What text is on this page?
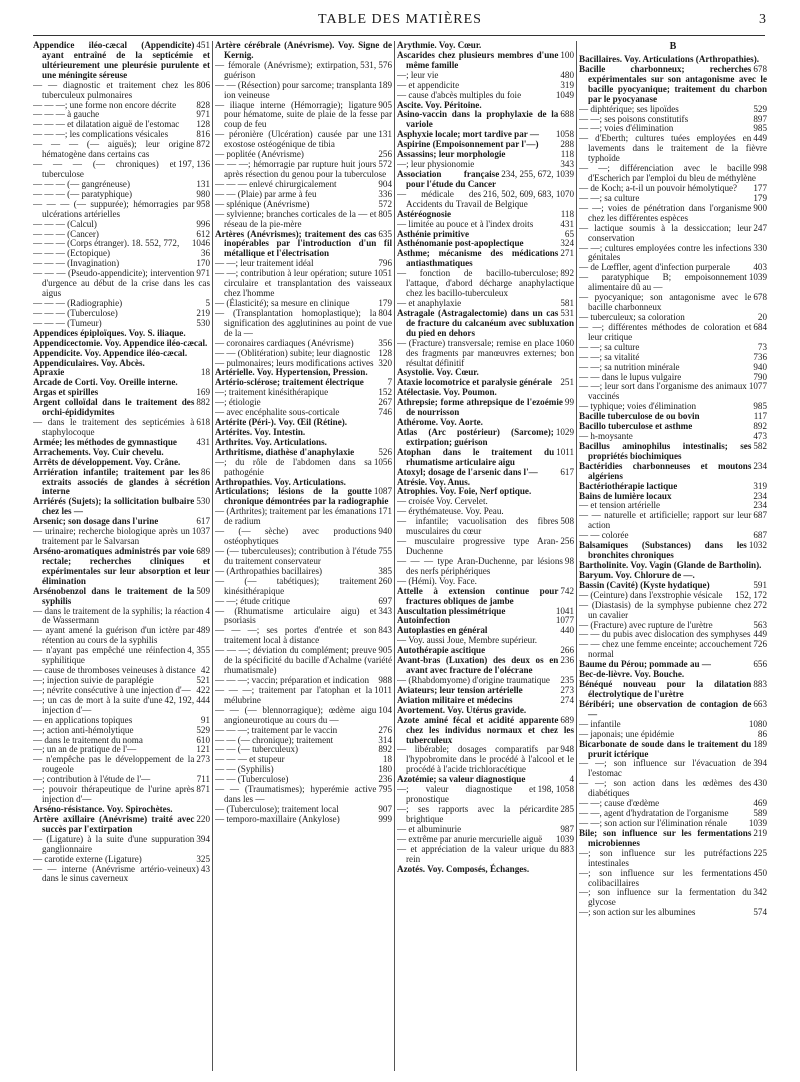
TABLE DES MATIÈRES	3

451
Appendice iléo-cæcal (Appendicite) ayant entraîné de la septicémie et ultérieurement une pleurésie purulente et une méningite séreuse

806
— — diagnostic et traitement chez les tuberculeux pulmonaires

828
— — —; une forme non encore décrite

971
— — — à gauche

128
— — — et dilatation aiguë de l'estomac

816
— — —; les complications vésicales

872
— — — (— aiguës); leur origine hématogène dans certains cas

197, 136
— — — (— chroniques) et tuberculose

131
— — — (— gangréneuse)

980
— — — (— paratyphique)

958
— — — (— suppurée); hémorragies par ulcérations artérielles

996
— — — (Calcul)

612
— — — (Cancer)

1046
— — — (Corps étranger). 18. 552, 772,

36
— — — (Ectopique)

170
— — — (Invagination)

971
— — — (Pseudo-appendicite); intervention d'urgence au début de la crise dans les cas aigus

5
— — — (Radiographie)

219
— — — (Tuberculose)

530
— — — (Tumeur)

Appendices épiploïques. Voy. S. iliaque.

Appendicectomie. Voy. Appendice iléo-cæcal.

Appendicite. Voy. Appendice iléo-cæcal.

Appendiculaires. Voy. Abcès.

18
Apraxie

Arcade de Corti. Voy. Oreille interne.

169
Argas et spirilles

882
Argent colloïdal dans le traitement des orchi-épididymites

618
— dans le traitement des septicémies à staphylocoque

431
Armée; les méthodes de gymnastique

Arrachements. Voy. Cuir chevelu.

Arrêts de développement. Voy. Crâne.

86
Arriération infantile; traitement par les extraits associés de glandes à sécrétion interne

530
Arriérés (Sujets); la sollicitation bulbaire chez les —

617
Arsenic; son dosage dans l'urine

1037
— urinaire; recherche biologique après un traitement par le Salvarsan

689
Arséno-aromatiques administrés par voie rectale; recherches cliniques et expérimentales sur leur absorption et leur élimination

509
Arsénobenzol dans le traitement de la syphilis

4
— dans le traitement de la syphilis; la réaction de Wassermann

489
— ayant amené la guérison d'un ictère par rétention au cours de la syphilis

4, 355
— n'ayant pas empêché une réinfection syphilitique

42
— cause de thromboses veineuses à distance

521
—; injection suivie de paraplégie

422
—; névrite consécutive à une injection d'—

42, 192, 444
—; un cas de mort à la suite d'une injection d'—

91
— en applications topiques

529
—; action anti-hémolytique

610
— dans le traitement du noma

121
—; un an de pratique de l'—

273
— n'empêche pas le développement de la rougeole

711
—; contribution à l'étude de l'—

871
—; pouvoir thérapeutique de l'urine après injection d'—

Arséno-résistance. Voy. Spirochètes.

220
Artère axillaire (Anévrisme) traité avec succès par l'extirpation

394
— (Ligature) à la suite d'une suppuration ganglionnaire

325
— carotide externe (Ligature)

43
— — interne (Anévrisme artério-veineux) dans le sinus caverneux

Artère cérébrale (Anévrisme). Voy. Signe de Kernig.

531, 576
— fémorale (Anévrisme); extirpation, guérison

189
— — (Résection) pour sarcome; transplanta ion veineuse

905
— iliaque interne (Hémorragie); ligature pour hématome, suite de plaie de la fesse par coup de feu

131
— péronière (Ulcération) causée par une exostose ostéogénique de tibia

256
— poplitée (Anévrisme)

572
— — —; hémorragie par rupture huit jours après résection du genou pour la tuberculose

904
— — — enlevé chirurgicalement

336
— — (Plaie) par arme à feu

572
— splénique (Anévrisme)

805
— sylvienne; branches corticales de la — et réseau de la pie-mère

635
Artères (Anévrismes); traitement des cas inopérables par l'introduction d'un fil métallique et l'électrisation

796
— —; leur traitement idéal

1051
— —; contribution à leur opération; suture circulaire et transplantation des vaisseaux chez l'homme

179
— (Élasticité); sa mesure en clinique

804
— (Transplantation homoplastique); la signification des agglutinines au point de vue de la —

356
— coronaires cardiaques (Anévrisme)

128
— — (Oblitération) subite; leur diagnostic

320
— pulmonaires; leurs modifications actives

Artérielle. Voy. Hypertension, Pression.

7
Artério-sclérose; traitement électrique

152
—; traitement kinésithérapique

267
—; étiologie

746
— avec encéphalite sous-corticale

Artérite (Péri-). Voy. Œil (Rétine).

Artérites. Voy. Intestin.

Arthrites. Voy. Articulations.

526
Arthritisme, diathèse d'anaphylaxie

1056
—; du rôle de l'abdomen dans sa pathogénie

Arthropathies. Voy. Articulations.

1087
Articulations; lésions de la goutte chronique démontrées par la radiographie

171
— (Arthrites); traitement par les émanations de radium

940
— (— sèche) avec productions ostéophytiques

755
— (— tuberculeuses); contribution à l'étude du traitement conservateur

385
— (Arthropathies bacillaires)

260
— (— tabétiques); traitement kinésithérapique

697
— —; étude critique

343
— (Rhumatisme articulaire aigu) et psoriasis

843
— — —; ses portes d'entrée et son traitement local à distance

905
— — —; déviation du complément; preuve de la spécificité du bacille d'Achalme (variété rhumatismale)

988
— — —; vaccin; préparation et indication

1011
— — —; traitement par l'atophan et la mélubrine

104
— — (— blennorragique); œdème aigu angioneurotique au cours du —

276
— — —; traitement par le vaccin

314
— — (— chronique); traitement

892
— — (— tuberculeux)

18
— — — et stupeur

180
— — (Syphilis)

236
— — (Tuberculose)

795
— — (Traumatismes); hyperémie active dans les —

907
— (Tuberculose); traitement local

999
— temporo-maxillaire (Ankylose)

Arythmie. Voy. Cœur.

100
Ascarides chez plusieurs membres d'une même famille

480
—; leur vie

319
— et appendicite

1049
— cause d'abcès multiples du foie

Ascite. Voy. Péritoine.

688
Asino-vaccin dans la prophylaxie de la variole

1058
Asphyxie locale; mort tardive par —

288
Aspirine (Empoisonnement par l'—)

118
Assassins; leur morphologie

343
—; leur physionomie

234, 255, 672, 1039
Association française pour l'étude du Cancer

216, 502, 609, 683, 1070
— médicale des Accidents du Travail de Belgique

118
Astéréognosie

431
— limitée au pouce et à l'index droits

65
Asthénie primitive

324
Asthénomanie post-apoplectique

271
Asthme; mécanisme des médications antiasthmatiques

892
— fonction de bacillo-tuberculose; l'attaque, d'abord décharge anaphylactique chez les bacillo-tuberculeux

581
— et anaphylaxie

531
Astragale (Astragalectomie) dans un cas de fracture du calcanéum avec subluxation du pied en dehors

1060
— (Fracture) transversale; remise en place des fragments par manœuvres externes; bon résultat définitif

Asystolie. Voy. Cœur.

251
Ataxie locomotrice et paralysie générale

Atélectasie. Voy. Poumon.

99
Athrepsie; forme athrepsique de l'ezoémie de nourrisson

Athérome. Voy. Aorte.

1029
Atlas (Arc postérieur) (Sarcome); extirpation; guérison

1011
Atophan dans le traitement du rhumatisme articulaire aigu

617
Atoxyl; dosage de l'arsenic dans l'—

Atrésie. Voy. Anus.

Atrophies. Voy. Foie, Nerf optique.

— croisée Voy. Cervelet.

— érythémateuse. Voy. Peau.

508
— infantile; vacuolisation des fibres musculaires du cœur

256
— musculaire progressive type Aran-Duchenne

98
— — — type Aran-Duchenne, par lésions des nerfs périphériques

— (Hémi). Voy. Face.

742
Attelle à extension continue pour fractures obliques de jambe

1041
Auscultation plessimétrique

1077
Autoinfection

440
Autoplasties en général

— Voy. aussi Joue, Membre supérieur.

266
Autothérapie ascitique

236
Avant-bras (Luxation) des deux os en avant avec fracture de l'olécrane

235
— (Rhabdomyome) d'origine traumatique

273
Aviateurs; leur tension artérielle

274
Aviation militaire et médecins

Avortement. Voy. Utérus gravide.

689
Azote aminé fécal et acidité apparente chez les individus normaux et chez les tuberculeux

948
— libérable; dosages comparatifs par l'hypobromite dans le procédé à l'alcool et le procédé à l'acide trichloracétique

4
Azotémie; sa valeur diagnostique

198, 1058
—; valeur diagnostique et pronostique

285
—; ses rapports avec la péricardite brightique

987
— et albuminurie

1039
— extrême par anurie mercurielle aiguë

883
— et appréciation de la valeur urique du rein

Azotés. Voy. Composés, Échanges.

B

Bacillaires. Voy. Articulations (Arthropathies).

678
Bacille charbonneux; recherches expérimentales sur son antagonisme avec le bacille pyocyanique; traitement du charbon par le pyocyanase

529
— diphtérique; ses lipoïdes

897
— —; ses poisons constitutifs

985
— —; voies d'élimination

449
— d'Eberth; cultures tuées employées en lavements dans le traitement de la fièvre typhoïde

998
— —; différenciation avec le bacille d'Escherich par l'emploi du bleu de méthylène

177
— de Koch; a-t-il un pouvoir hémolytique?

179
— —; sa culture

900
— —; voies de pénétration dans l'organisme chez les différentes espèces

247
— lactique soumis à la dessiccation; leur conservation

330
— —; cultures employées contre les infections génitales

403
— de Lœffler, agent d'infection purperale

1039
— paratyphique B; empoisonnement alimentaire dû au —

678
— pyocyanique; son antagonisme avec le bacille charbonneux

20
— tuberculeux; sa coloration

684
— —; différentes méthodes de coloration et leur critique

73
— —; sa culture

736
— —; sa vitalité

940
— —; sa nutrition minérale

790
— — dans le lupus vulgaire

1077
— —; leur sort dans l'organisme des animaux vaccinés

985
— typhique; voies d'élimination

117
Bacille tuberculose de ou bovin

892
Bacillo tuberculose et asthme

473
— h-moysante

582
Bacillus aminophilus intestinalis; ses propriétés biochimiques

234
Bactéridies charbonneuses et moutons algériens

319
Bactériothérapie lactique

234
Bains de lumière locaux

234
— et tension artérielle

687
— — naturelle et artificielle; rapport sur leur action

687
— — colorée

1032
Balsamiques (Substances) dans les bronchites chroniques

Bartholinite. Voy. Vagin (Glande de Bartholin).

Baryum. Voy. Chlorure de —.

591
Bassin (Cavité) (Kyste hydatique)

152, 172
— (Ceinture) dans l'exstrophie vésicale

272
— (Diastasis) de la symphyse pubienne chez un cavalier

563
— (Fracture) avec rupture de l'urètre

449
— — du pubis avec dislocation des symphyses

726
— — chez une femme enceinte; accouchement normal

656
Baume du Pérou; pommade au —

Bec-de-lièvre. Voy. Bouche.

883
Bénéqué nouveau pour la dilatation électrolytique de l'urètre

663
Béribéri; une observation de contagion de —

1080
— infantile

86
— japonais; une épidémie

189
Bicarbonate de soude dans le traitement du prurit ictérique

394
— —; son influence sur l'évacuation de l'estomac

430
— —; son action dans les œdèmes des diabétiques

469
— —; cause d'œdème

589
— —, agent d'hydratation de l'organisme

1039
— —; son action sur l'élimination rénale

219
Bile; son influence sur les fermentations microbiennes

225
—; son influence sur les putréfactions intestinales

450
—; son influence sur les fermentations colibacillaires

342
—; son influence sur la fermentation du glycose

574
—; son action sur les albumines
